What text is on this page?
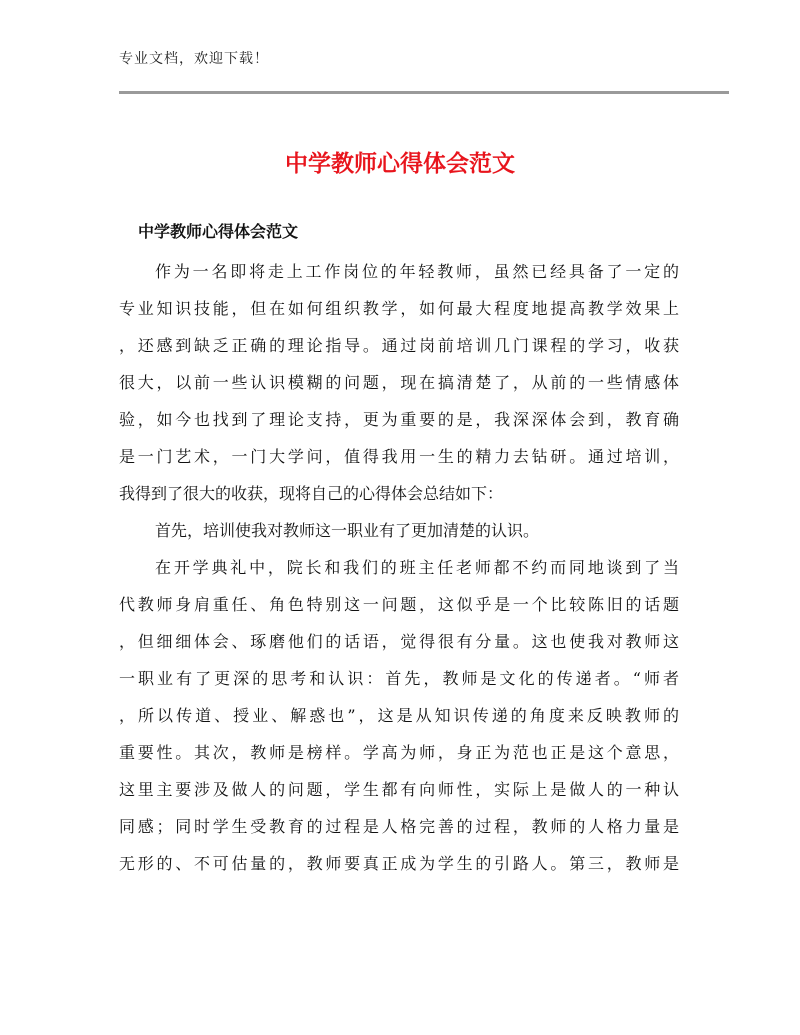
专业文档，欢迎下载！
中学教师心得体会范文
中学教师心得体会范文
作为一名即将走上工作岗位的年轻教师，虽然已经具备了一定的
专业知识技能，但在如何组织教学，如何最大程度地提高教学效果上
，还感到缺乏正确的理论指导。通过岗前培训几门课程的学习，收获
很大，以前一些认识模糊的问题，现在搞清楚了，从前的一些情感体
验，如今也找到了理论支持，更为重要的是，我深深体会到，教育确
是一门艺术，一门大学问，值得我用一生的精力去钻研。通过培训，
我得到了很大的收获，现将自己的心得体会总结如下：
首先，培训使我对教师这一职业有了更加清楚的认识。
在开学典礼中，院长和我们的班主任老师都不约而同地谈到了当
代教师身肩重任、角色特别这一问题，这似乎是一个比较陈旧的话题
，但细细体会、琢磨他们的话语，觉得很有分量。这也使我对教师这
一职业有了更深的思考和认识：首先，教师是文化的传递者。“师者
，所以传道、授业、解惑也”，这是从知识传递的角度来反映教师的
重要性。其次，教师是榜样。学高为师，身正为范也正是这个意思，
这里主要涉及做人的问题，学生都有向师性，实际上是做人的一种认
同感；同时学生受教育的过程是人格完善的过程，教师的人格力量是
无形的、不可估量的，教师要真正成为学生的引路人。第三，教师是
